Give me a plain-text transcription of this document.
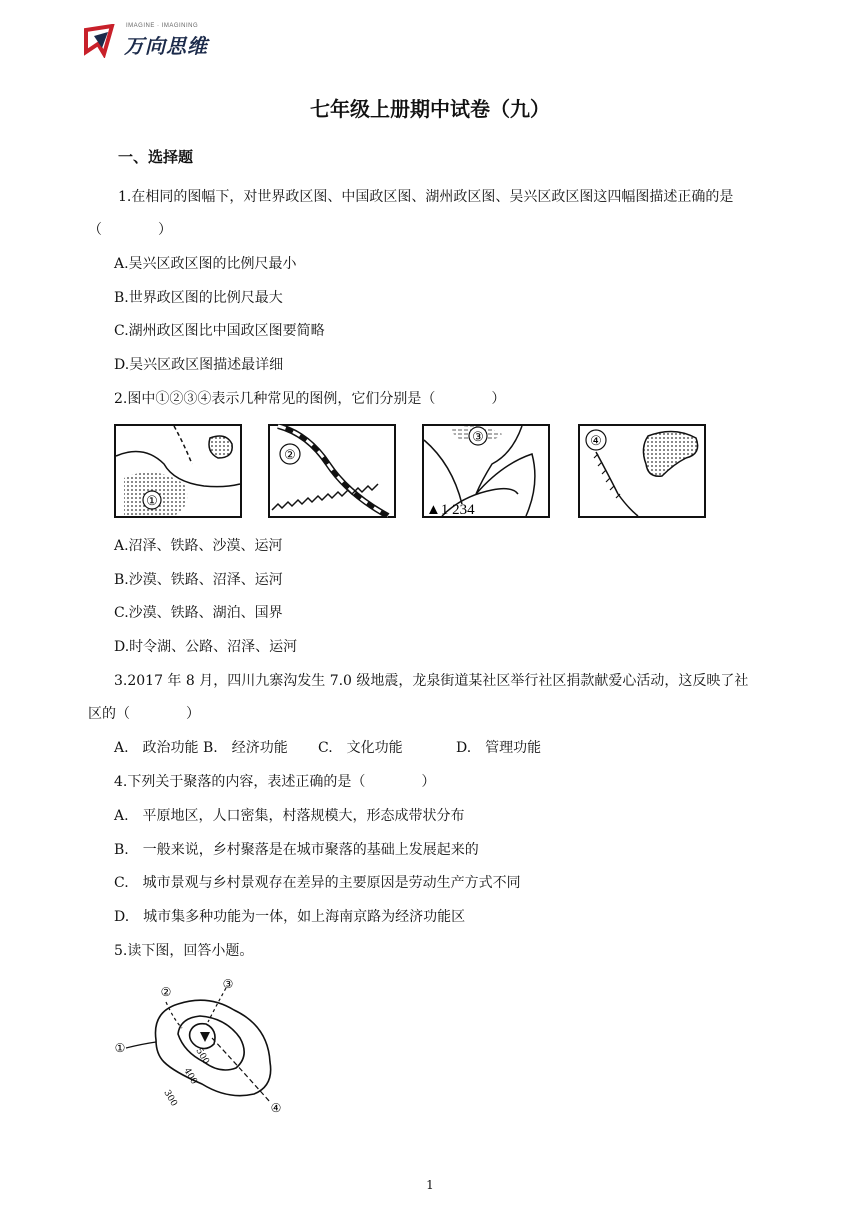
IMAGINE · IMAGINING
万向思维
七年级上册期中试卷（九）
一、选择题
1.在相同的图幅下，对世界政区图、中国政区图、湖州政区图、吴兴区政区图这四幅图描述正确的是
（　　　　）
A.吴兴区政区图的比例尺最小
B.世界政区图的比例尺最大
C.湖州政区图比中国政区图要简略
D.吴兴区政区图描述最详细
2.图中①②③④表示几种常见的图例，它们分别是（　　　　）
①
②
③
▲1 234
④
A.沼泽、铁路、沙漠、运河
B.沙漠、铁路、沼泽、运河
C.沙漠、铁路、湖泊、国界
D.时令湖、公路、沼泽、运河
3.2017 年 8 月，四川九寨沟发生 7.0 级地震，龙泉街道某社区举行社区捐款献爱心活动，这反映了社
区的（　　　　）
A.　政治功能 B.　经济功能 C.　文化功能	D.　管理功能
4.下列关于聚落的内容，表述正确的是（　　　　）
A.　平原地区，人口密集，村落规模大，形态成带状分布
B.　一般来说，乡村聚落是在城市聚落的基础上发展起来的
C.　城市景观与乡村景观存在差异的主要原因是劳动生产方式不同
D.　城市集多种功能为一体，如上海南京路为经济功能区
5.读下图，回答小题。
①
②
③
④
300
400
500
1
